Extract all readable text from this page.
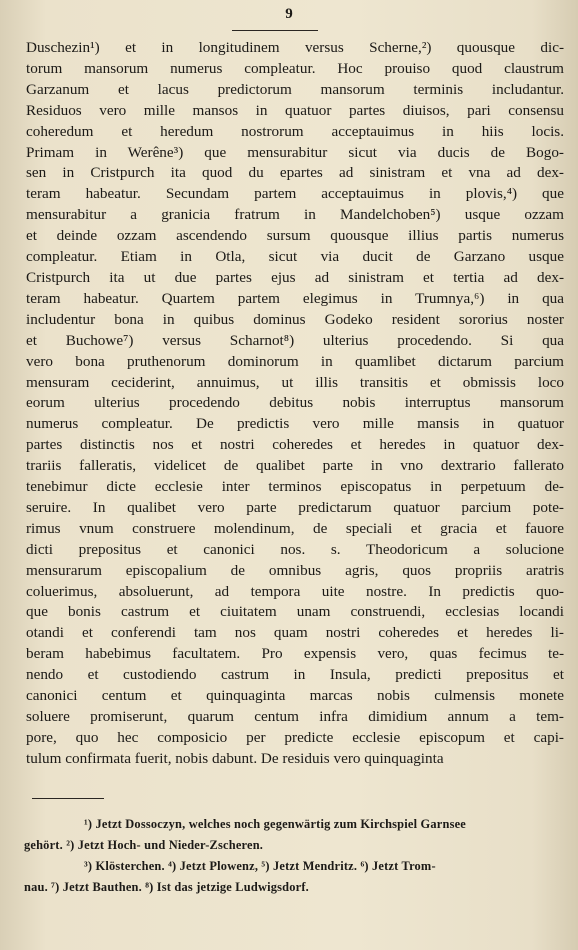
9
Duschezin¹) et in longitudinem versus Scherne,²) quousque dic-
torum mansorum numerus compleatur. Hoc prouiso quod claustrum
Garzanum et lacus predictorum mansorum terminis includantur.
Residuos vero mille mansos in quatuor partes diuisos, pari consensu
coheredum et heredum nostrorum acceptauimus in hiis locis.
Primam in Werêne³) que mensurabitur sicut via ducis de Bogo-
sen in Cristpurch ita quod du epartes ad sinistram et vna ad dex-
teram habeatur. Secundam partem acceptauimus in plovis,⁴) que
mensurabitur a granicia fratrum in Mandelchoben⁵) usque ozzam
et deinde ozzam ascendendo sursum quousque illius partis numerus
compleatur. Etiam in Otla, sicut via ducit de Garzano usque
Cristpurch ita ut due partes ejus ad sinistram et tertia ad dex-
teram habeatur. Quartem partem elegimus in Trumnya,⁶) in qua
includentur bona in quibus dominus Godeko resident sororius noster
et Buchowe⁷) versus Scharnot⁸) ulterius procedendo. Si qua
vero bona pruthenorum dominorum in quamlibet dictarum parcium
mensuram ceciderint, annuimus, ut illis transitis et obmissis loco
eorum ulterius procedendo debitus nobis interruptus mansorum
numerus compleatur. De predictis vero mille mansis in quatuor
partes distinctis nos et nostri coheredes et heredes in quatuor dex-
trariis falleratis, videlicet de qualibet parte in vno dextrario fallerato
tenebimur dicte ecclesie inter terminos episcopatus in perpetuum de-
seruire. In qualibet vero parte predictarum quatuor parcium pote-
rimus vnum construere molendinum, de speciali et gracia et fauore
dicti prepositus et canonici nos. s. Theodoricum a solucione
mensurarum episcopalium de omnibus agris, quos propriis aratris
coluerimus, absoluerunt, ad tempora uite nostre. In predictis quo-
que bonis castrum et ciuitatem unam construendi, ecclesias locandi
otandi et conferendi tam nos quam nostri coheredes et heredes li-
beram habebimus facultatem. Pro expensis vero, quas fecimus te-
nendo et custodiendo castrum in Insula, predicti prepositus et
canonici centum et quinquaginta marcas nobis culmensis monete
soluere promiserunt, quarum centum infra dimidium annum a tem-
pore, quo hec composicio per predicte ecclesie episcopum et capi-
tulum confirmata fuerit, nobis dabunt. De residuis vero quinquaginta
¹) Jetzt Dossoczyn, welches noch gegenwärtig zum Kirchspiel Garnsee
gehört. ²) Jetzt Hoch- und Nieder-Zscheren.
³) Klösterchen. ⁴) Jetzt Plowenz, ⁵) Jetzt Mendritz. ⁶) Jetzt Trom-
nau. ⁷) Jetzt Bauthen. ⁸) Ist das jetzige Ludwigsdorf.
